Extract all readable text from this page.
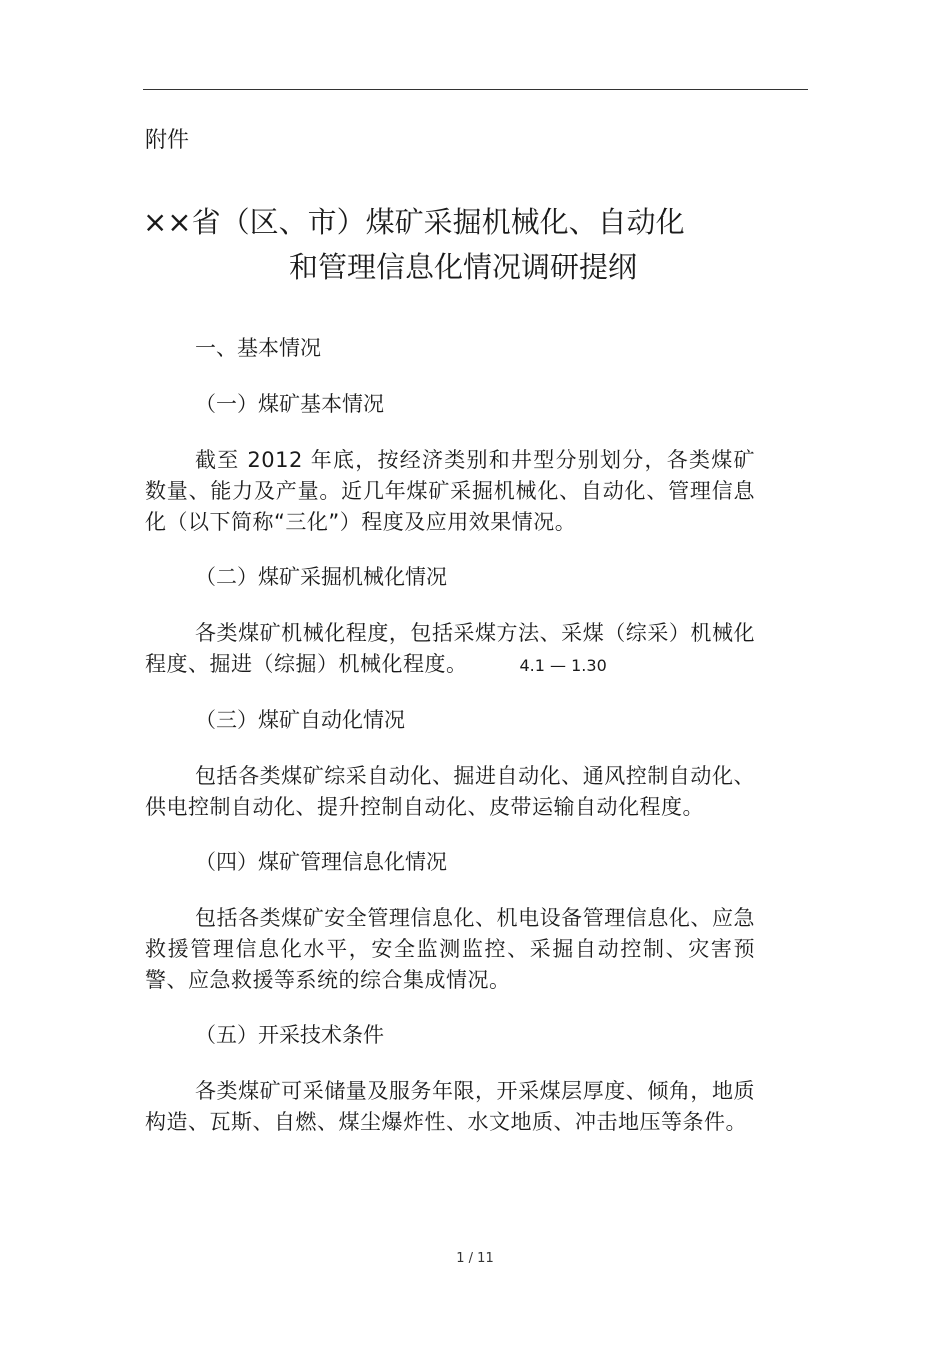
附件
××省（区、市）煤矿采掘机械化、自动化
和管理信息化情况调研提纲
一、基本情况
（一）煤矿基本情况
截至 2012 年底，按经济类别和井型分别划分，各类煤矿数量、能力及产量。近几年煤矿采掘机械化、自动化、管理信息化（以下简称“三化”）程度及应用效果情况。
（二）煤矿采掘机械化情况
各类煤矿机械化程度，包括采煤方法、采煤（综采）机械化程度、掘进（综掘）机械化程度。	4.1 — 1.30
（三）煤矿自动化情况
包括各类煤矿综采自动化、掘进自动化、通风控制自动化、供电控制自动化、提升控制自动化、皮带运输自动化程度。
（四）煤矿管理信息化情况
包括各类煤矿安全管理信息化、机电设备管理信息化、应急救援管理信息化水平，安全监测监控、采掘自动控制、灾害预警、应急救援等系统的综合集成情况。
（五）开采技术条件
各类煤矿可采储量及服务年限，开采煤层厚度、倾角，地质构造、瓦斯、自燃、煤尘爆炸性、水文地质、冲击地压等条件。
1 / 11
